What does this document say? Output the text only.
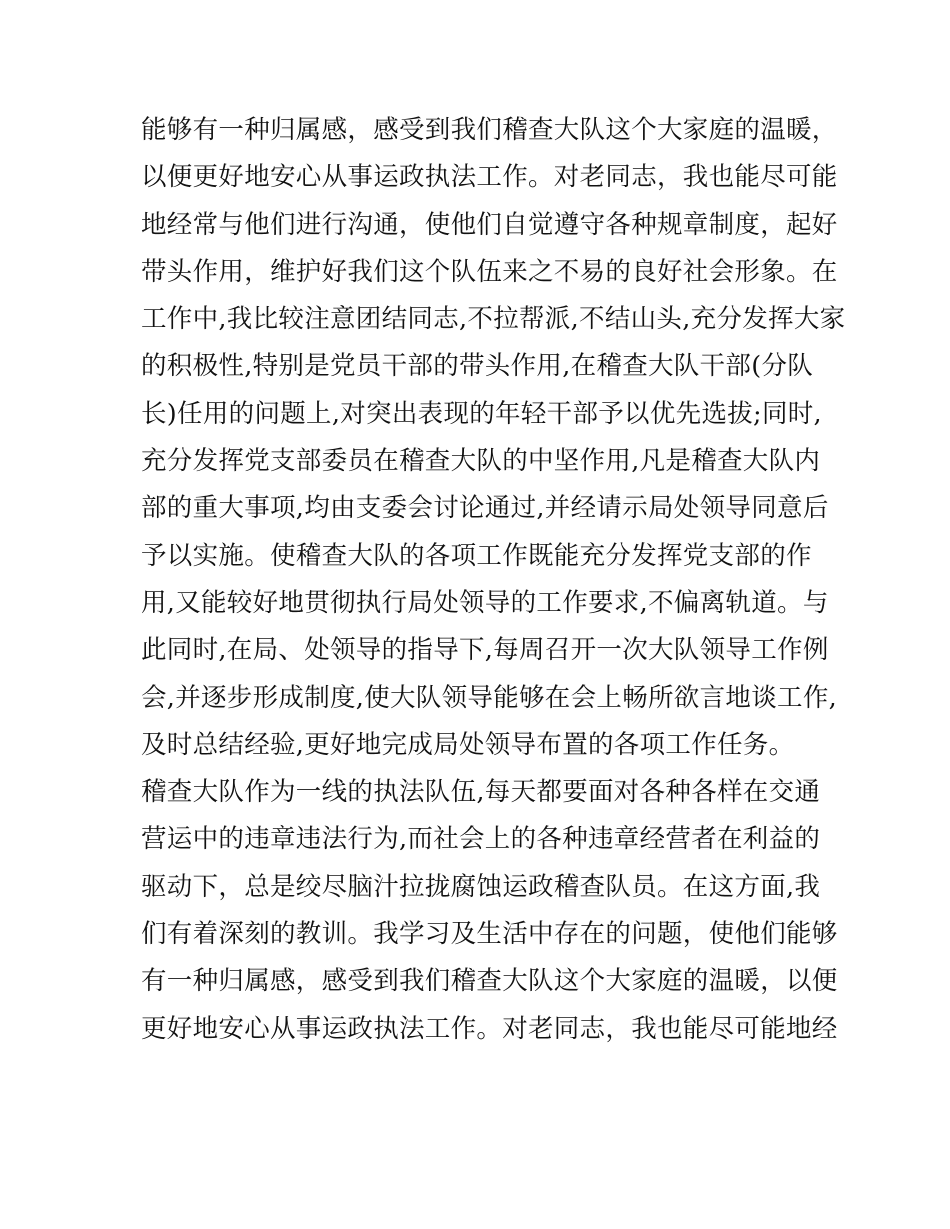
能够有一种归属感，感受到我们稽查大队这个大家庭的温暖，
以便更好地安心从事运政执法工作。对老同志，我也能尽可能
地经常与他们进行沟通，使他们自觉遵守各种规章制度，起好
带头作用，维护好我们这个队伍来之不易的良好社会形象。在
工作中,我比较注意团结同志,不拉帮派,不结山头,充分发挥大家
的积极性,特别是党员干部的带头作用,在稽查大队干部(分队
长)任用的问题上,对突出表现的年轻干部予以优先选拔;同时,
充分发挥党支部委员在稽查大队的中坚作用,凡是稽查大队内
部的重大事项,均由支委会讨论通过,并经请示局处领导同意后
予以实施。使稽查大队的各项工作既能充分发挥党支部的作
用,又能较好地贯彻执行局处领导的工作要求,不偏离轨道。与
此同时,在局、处领导的指导下,每周召开一次大队领导工作例
会,并逐步形成制度,使大队领导能够在会上畅所欲言地谈工作,
及时总结经验,更好地完成局处领导布置的各项工作任务。
稽查大队作为一线的执法队伍,每天都要面对各种各样在交通
营运中的违章违法行为,而社会上的各种违章经营者在利益的
驱动下，总是绞尽脑汁拉拢腐蚀运政稽查队员。在这方面,我
们有着深刻的教训。我学习及生活中存在的问题，使他们能够
有一种归属感，感受到我们稽查大队这个大家庭的温暖，以便
更好地安心从事运政执法工作。对老同志，我也能尽可能地经
